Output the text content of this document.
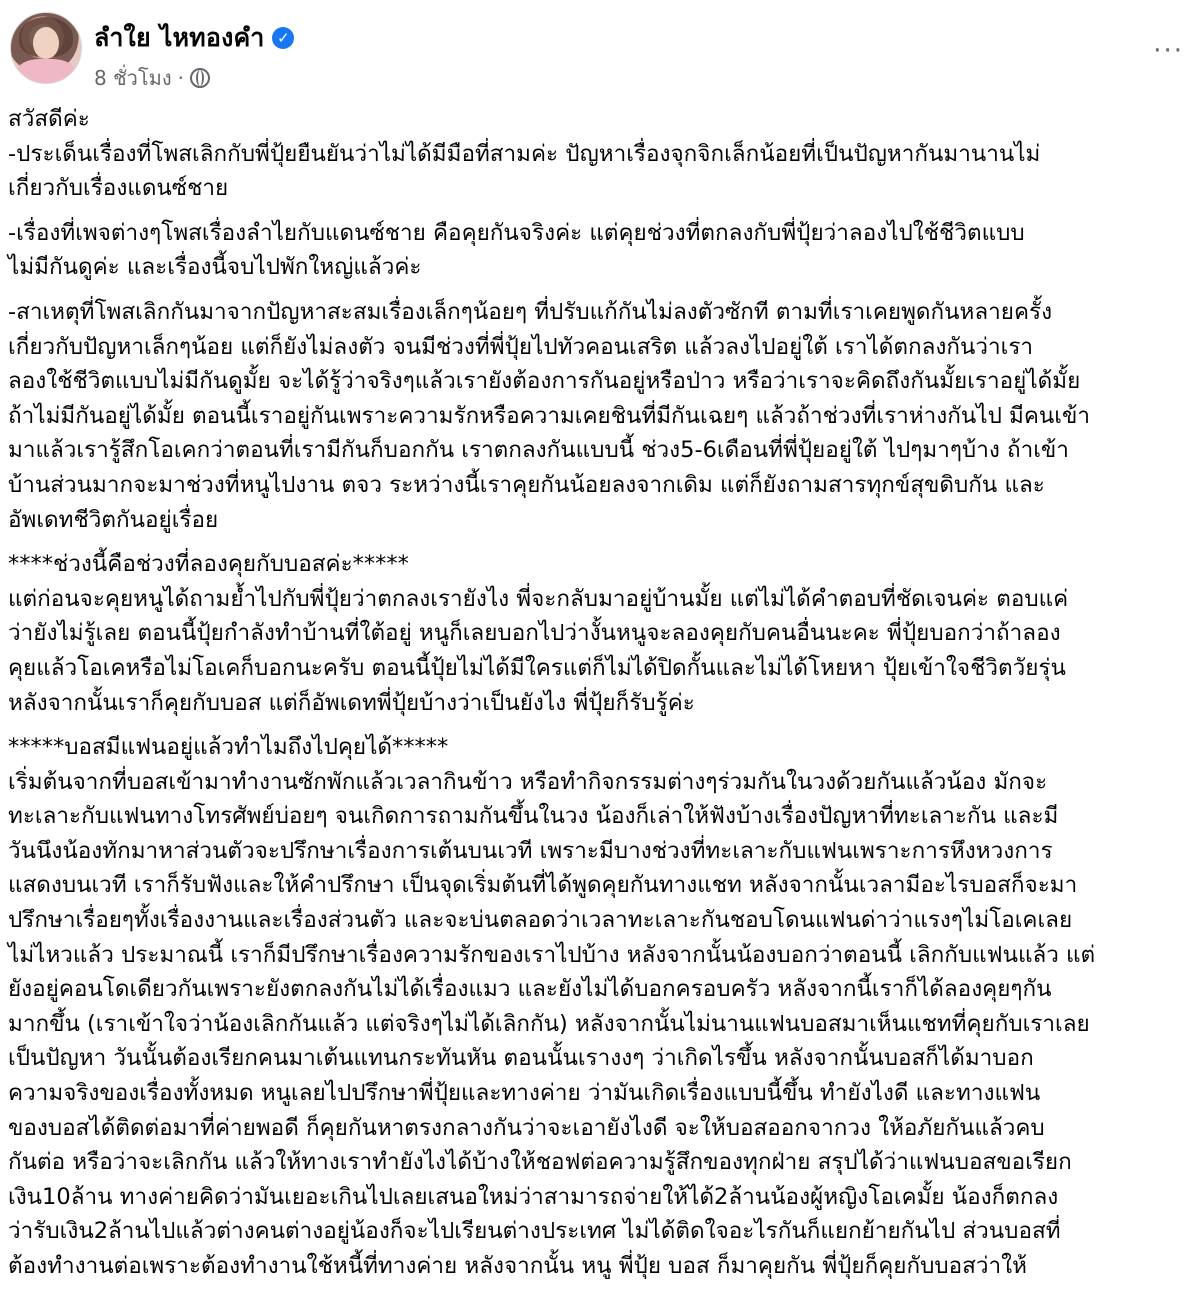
ลำใย ไหทองคำ ✓
8 ชั่วโมง ·
···

สวัสดีค่ะ

-ประเด็นเรื่องที่โพสเลิกกับพี่ปุ้ยยืนยันว่าไม่ได้มีมือที่สามค่ะ ปัญหาเรื่องจุกจิกเล็กน้อยที่เป็นปัญหากันมานานไม่

เกี่ยวกับเรื่องแดนซ์ชาย

-เรื่องที่เพจต่างๆโพสเรื่องลำไยกับแดนซ์ชาย คือคุยกันจริงค่ะ แต่คุยช่วงที่ตกลงกับพี่ปุ้ยว่าลองไปใช้ชีวิตแบบ

ไม่มีกันดูค่ะ และเรื่องนี้จบไปพักใหญ่แล้วค่ะ

-สาเหตุที่โพสเลิกกันมาจากปัญหาสะสมเรื่องเล็กๆน้อยๆ ที่ปรับแก้กันไม่ลงตัวซักที ตามที่เราเคยพูดกันหลายครั้ง

เกี่ยวกับปัญหาเล็กๆน้อย แต่ก็ยังไม่ลงตัว จนมีช่วงที่พี่ปุ้ยไปทัวคอนเสริต แล้วลงไปอยู่ใต้ เราได้ตกลงกันว่าเรา

ลองใช้ชีวิตแบบไม่มีกันดูมั้ย จะได้รู้ว่าจริงๆแล้วเรายังต้องการกันอยู่หรือป่าว หรือว่าเราจะคิดถึงกันมั้ยเราอยู่ได้มั้ย

ถ้าไม่มีกันอยู่ได้มั้ย ตอนนี้เราอยู่กันเพราะความรักหรือความเคยชินที่มีกันเฉยๆ แล้วถ้าช่วงที่เราห่างกันไป มีคนเข้า

มาแล้วเรารู้สึกโอเคกว่าตอนที่เรามีกันก็บอกกัน เราตกลงกันแบบนี้ ช่วง5-6เดือนที่พี่ปุ้ยอยู่ใต้ ไปๆมาๆบ้าง ถ้าเข้า

บ้านส่วนมากจะมาช่วงที่หนูไปงาน ตจว ระหว่างนี้เราคุยกันน้อยลงจากเดิม แต่ก็ยังถามสารทุกข์สุขดิบกัน และ

อัพเดทชีวิตกันอยู่เรื่อย

****ช่วงนี้คือช่วงที่ลองคุยกับบอสค่ะ*****

แต่ก่อนจะคุยหนูได้ถามย้ำไปกับพี่ปุ้ยว่าตกลงเรายังไง พี่จะกลับมาอยู่บ้านมั้ย แต่ไม่ได้คำตอบที่ชัดเจนค่ะ ตอบแค่

ว่ายังไม่รู้เลย ตอนนี้ปุ้ยกำลังทำบ้านที่ใต้อยู่ หนูก็เลยบอกไปว่างั้นหนูจะลองคุยกับคนอื่นนะคะ พี่ปุ้ยบอกว่าถ้าลอง

คุยแล้วโอเคหรือไม่โอเคก็บอกนะครับ ตอนนี้ปุ้ยไม่ได้มีใครแต่ก็ไม่ได้ปิดกั้นและไม่ได้โหยหา ปุ้ยเข้าใจชีวิตวัยรุ่น

หลังจากนั้นเราก็คุยกับบอส แต่ก็อัพเดทพี่ปุ้ยบ้างว่าเป็นยังไง พี่ปุ้ยก็รับรู้ค่ะ

*****บอสมีแฟนอยู่แล้วทำไมถึงไปคุยได้*****

เริ่มต้นจากที่บอสเข้ามาทำงานซักพักแล้วเวลากินข้าว หรือทำกิจกรรมต่างๆร่วมกันในวงด้วยกันแล้วน้อง มักจะ

ทะเลาะกับแฟนทางโทรศัพย์บ่อยๆ จนเกิดการถามกันขึ้นในวง น้องก็เล่าให้ฟังบ้างเรื่องปัญหาที่ทะเลาะกัน และมี

วันนึงน้องทักมาหาส่วนตัวจะปรึกษาเรื่องการเต้นบนเวที เพราะมีบางช่วงที่ทะเลาะกับแฟนเพราะการหึงหวงการ

แสดงบนเวที เราก็รับฟังและให้คำปรึกษา เป็นจุดเริ่มต้นที่ได้พูดคุยกันทางแชท หลังจากนั้นเวลามีอะไรบอสก็จะมา

ปรึกษาเรื่อยๆทั้งเรื่องงานและเรื่องส่วนตัว และจะบ่นตลอดว่าเวลาทะเลาะกันชอบโดนแฟนด่าว่าแรงๆไม่โอเคเลย

ไม่ไหวแล้ว ประมาณนี้ เราก็มีปรึกษาเรื่องความรักของเราไปบ้าง หลังจากนั้นน้องบอกว่าตอนนี้ เลิกกับแฟนแล้ว แต่

ยังอยู่คอนโดเดียวกันเพราะยังตกลงกันไม่ได้เรื่องแมว และยังไม่ได้บอกครอบครัว หลังจากนี้เราก็ได้ลองคุยๆกัน

มากขึ้น (เราเข้าใจว่าน้องเลิกกันแล้ว แต่จริงๆไม่ได้เลิกกัน) หลังจากนั้นไม่นานแฟนบอสมาเห็นแชทที่คุยกับเราเลย

เป็นปัญหา วันนั้นต้องเรียกคนมาเต้นแทนกระทันหัน ตอนนั้นเรางงๆ ว่าเกิดไรขึ้น หลังจากนั้นบอสก็ได้มาบอก

ความจริงของเรื่องทั้งหมด หนูเลยไปปรึกษาพี่ปุ้ยและทางค่าย ว่ามันเกิดเรื่องแบบนี้ขึ้น ทำยังไงดี และทางแฟน

ของบอสได้ติดต่อมาที่ค่ายพอดี ก็คุยกันหาตรงกลางกันว่าจะเอายังไงดี จะให้บอสออกจากวง ให้อภัยกันแล้วคบ

กันต่อ หรือว่าจะเลิกกัน แล้วให้ทางเราทำยังไงได้บ้างให้ชอฟต่อความรู้สึกของทุกฝ่าย สรุปได้ว่าแฟนบอสขอเรียก

เงิน10ล้าน ทางค่ายคิดว่ามันเยอะเกินไปเลยเสนอใหม่ว่าสามารถจ่ายให้ได้2ล้านน้องผู้หญิงโอเคมั้ย น้องก็ตกลง

ว่ารับเงิน2ล้านไปแล้วต่างคนต่างอยู่น้องก็จะไปเรียนต่างประเทศ ไม่ได้ติดใจอะไรกันก็แยกย้ายกันไป ส่วนบอสที่

ต้องทำงานต่อเพราะต้องทำงานใช้หนี้ที่ทางค่าย หลังจากนั้น หนู พี่ปุ้ย บอส ก็มาคุยกัน พี่ปุ้ยก็คุยกับบอสว่าให้
